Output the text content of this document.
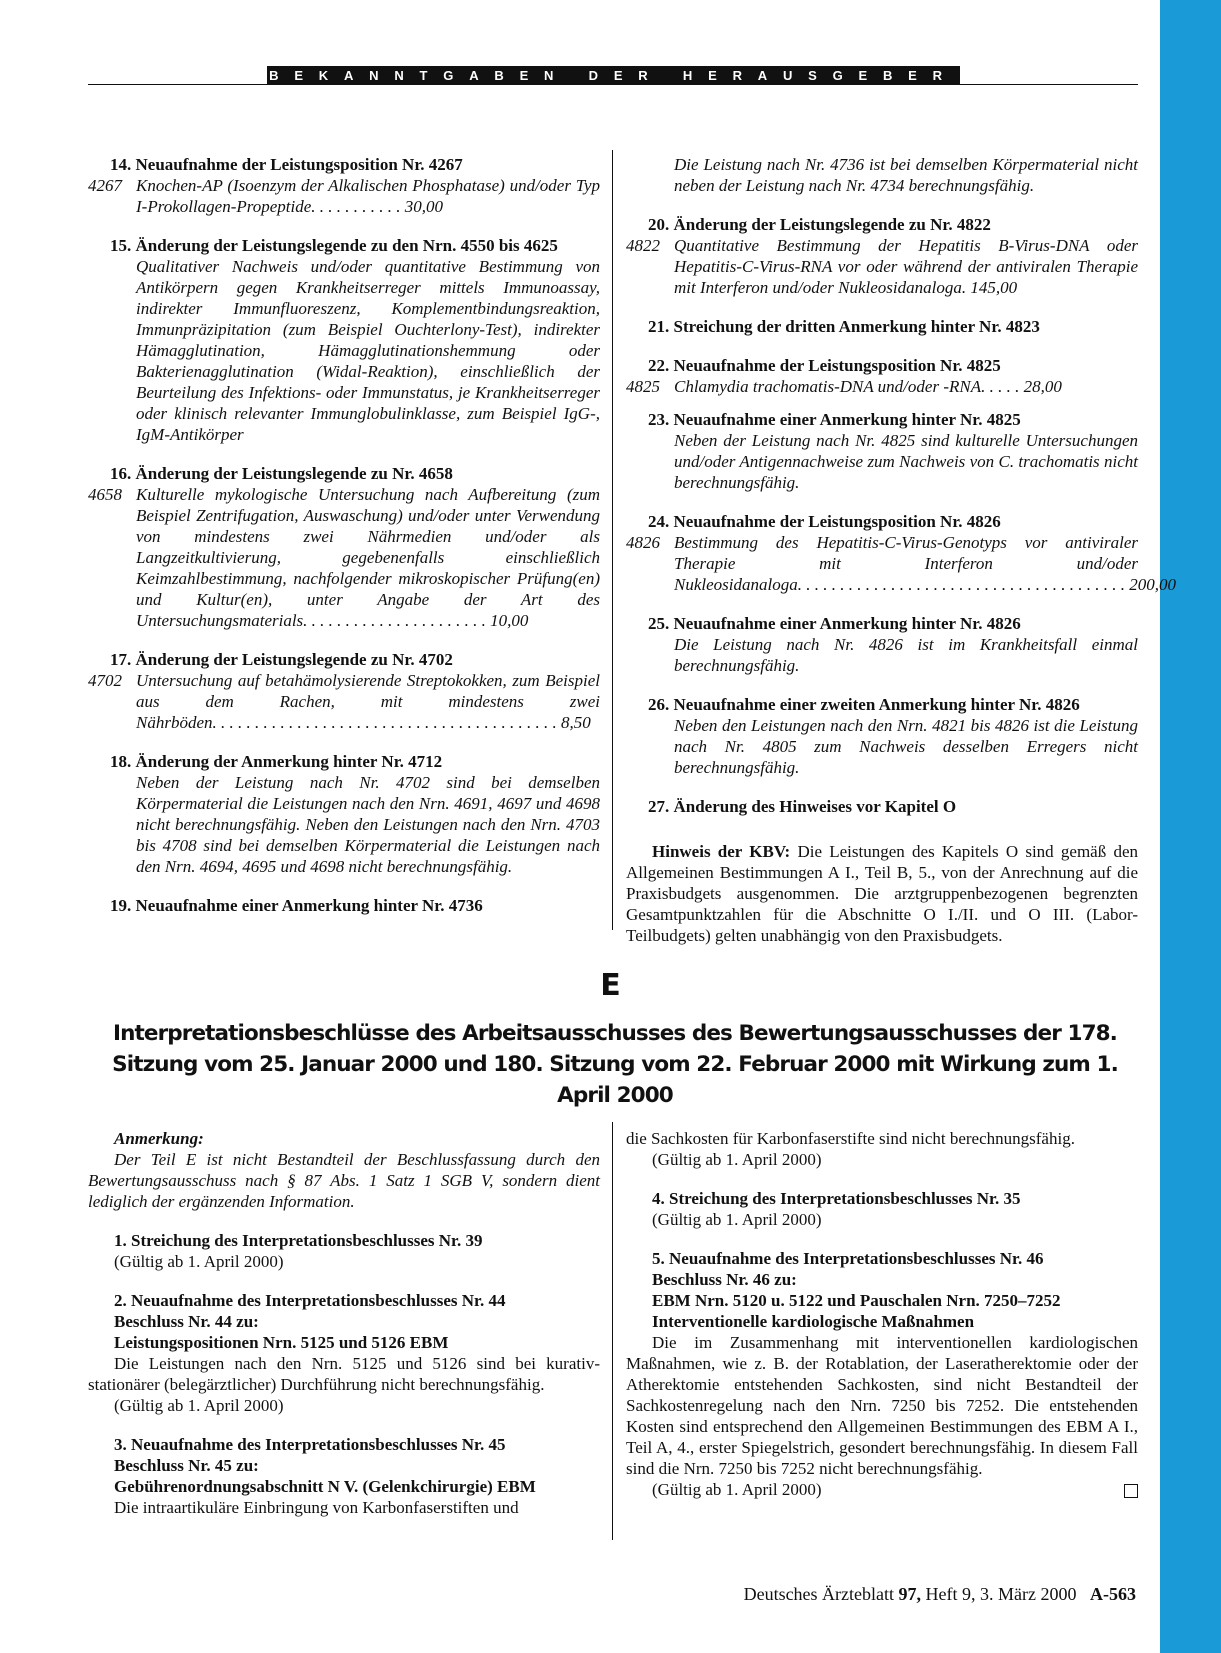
BEKANNTGABEN DER HERAUSGEBER

14. Neuaufnahme der Leistungsposition Nr. 4267

4267 Knochen-AP (Isoenzym der Alkalischen Phosphatase) und/oder Typ I-Prokollagen-Propeptide. . . . . . . . . . . 30,00

15. Änderung der Leistungslegende zu den Nrn. 4550 bis 4625

Qualitativer Nachweis und/oder quantitative Bestimmung von Antikörpern gegen Krankheitserreger mittels Immunoassay, indirekter Immunfluoreszenz, Komplementbindungsreaktion, Immunpräzipitation (zum Beispiel Ouchterlony-Test), indirekter Hämagglutination, Hämagglutinationshemmung oder Bakterienagglutination (Widal-Reaktion), einschließlich der Beurteilung des Infektions- oder Immunstatus, je Krankheitserreger oder klinisch relevanter Immunglobulinklasse, zum Beispiel IgG-, IgM-Antikörper

16. Änderung der Leistungslegende zu Nr. 4658

4658 Kulturelle mykologische Untersuchung nach Aufbereitung (zum Beispiel Zentrifugation, Auswaschung) und/oder unter Verwendung von mindestens zwei Nährmedien und/oder als Langzeitkultivierung, gegebenenfalls einschließlich Keimzahlbestimmung, nachfolgender mikroskopischer Prüfung(en) und Kultur(en), unter Angabe der Art des Untersuchungsmaterials. . . . . . . . . . . . . . . . . . . . . . 10,00

17. Änderung der Leistungslegende zu Nr. 4702

4702 Untersuchung auf betahämolysierende Streptokokken, zum Beispiel aus dem Rachen, mit mindestens zwei Nährböden. . . . . . . . . . . . . . . . . . . . . . . . . . . . . . . . . . . . . . . . . 8,50

18. Änderung der Anmerkung hinter Nr. 4712

Neben der Leistung nach Nr. 4702 sind bei demselben Körpermaterial die Leistungen nach den Nrn. 4691, 4697 und 4698 nicht berechnungsfähig. Neben den Leistungen nach den Nrn. 4703 bis 4708 sind bei demselben Körpermaterial die Leistungen nach den Nrn. 4694, 4695 und 4698 nicht berechnungsfähig.

19. Neuaufnahme einer Anmerkung hinter Nr. 4736

Die Leistung nach Nr. 4736 ist bei demselben Körpermaterial nicht neben der Leistung nach Nr. 4734 berechnungsfähig.

20. Änderung der Leistungslegende zu Nr. 4822

4822 Quantitative Bestimmung der Hepatitis B-Virus-DNA oder Hepatitis-C-Virus-RNA vor oder während der antiviralen Therapie mit Interferon und/oder Nukleosidanaloga. 145,00

21. Streichung der dritten Anmerkung hinter Nr. 4823

22. Neuaufnahme der Leistungsposition Nr. 4825

4825 Chlamydia trachomatis-DNA und/oder -RNA. . . . . 28,00

23. Neuaufnahme einer Anmerkung hinter Nr. 4825

Neben der Leistung nach Nr. 4825 sind kulturelle Untersuchungen und/oder Antigennachweise zum Nachweis von C. trachomatis nicht berechnungsfähig.

24. Neuaufnahme der Leistungsposition Nr. 4826

4826 Bestimmung des Hepatitis-C-Virus-Genotyps vor antiviraler Therapie mit Interferon und/oder Nukleosidanaloga. . . . . . . . . . . . . . . . . . . . . . . . . . . . . . . . . . . . . . . 200,00

25. Neuaufnahme einer Anmerkung hinter Nr. 4826

Die Leistung nach Nr. 4826 ist im Krankheitsfall einmal berechnungsfähig.

26. Neuaufnahme einer zweiten Anmerkung hinter Nr. 4826

Neben den Leistungen nach den Nrn. 4821 bis 4826 ist die Leistung nach Nr. 4805 zum Nachweis desselben Erregers nicht berechnungsfähig.

27. Änderung des Hinweises vor Kapitel O

Hinweis der KBV: Die Leistungen des Kapitels O sind gemäß den Allgemeinen Bestimmungen A I., Teil B, 5., von der Anrechnung auf die Praxisbudgets ausgenommen. Die arztgruppenbezogenen begrenzten Gesamtpunktzahlen für die Abschnitte O I./II. und O III. (Labor-Teilbudgets) gelten unabhängig von den Praxisbudgets.

E
Interpretationsbeschlüsse des Arbeitsausschusses des Bewertungsausschusses der 178. Sitzung vom 25. Januar 2000 und 180. Sitzung vom 22. Februar 2000 mit Wirkung zum 1. April 2000

Anmerkung:

Der Teil E ist nicht Bestandteil der Beschlussfassung durch den Bewertungsausschuss nach § 87 Abs. 1 Satz 1 SGB V, sondern dient lediglich der ergänzenden Information.

1. Streichung des Interpretationsbeschlusses Nr. 39

(Gültig ab 1. April 2000)

2. Neuaufnahme des Interpretationsbeschlusses Nr. 44

Beschluss Nr. 44 zu:

Leistungspositionen Nrn. 5125 und 5126 EBM

Die Leistungen nach den Nrn. 5125 und 5126 sind bei kurativ-stationärer (belegärztlicher) Durchführung nicht berechnungsfähig.

(Gültig ab 1. April 2000)

3. Neuaufnahme des Interpretationsbeschlusses Nr. 45

Beschluss Nr. 45 zu:

Gebührenordnungsabschnitt N V. (Gelenkchirurgie) EBM

Die intraartikuläre Einbringung von Karbonfaserstiften und

die Sachkosten für Karbonfaserstifte sind nicht berechnungsfähig.

(Gültig ab 1. April 2000)

4. Streichung des Interpretationsbeschlusses Nr. 35

(Gültig ab 1. April 2000)

5. Neuaufnahme des Interpretationsbeschlusses Nr. 46

Beschluss Nr. 46 zu:

EBM Nrn. 5120 u. 5122 und Pauschalen Nrn. 7250–7252

Interventionelle kardiologische Maßnahmen

Die im Zusammenhang mit interventionellen kardiologischen Maßnahmen, wie z. B. der Rotablation, der Laseratherektomie oder der Atherektomie entstehenden Sachkosten, sind nicht Bestandteil der Sachkostenregelung nach den Nrn. 7250 bis 7252. Die entstehenden Kosten sind entsprechend den Allgemeinen Bestimmungen des EBM A I., Teil A, 4., erster Spiegelstrich, gesondert berechnungsfähig. In diesem Fall sind die Nrn. 7250 bis 7252 nicht berechnungsfähig.

(Gültig ab 1. April 2000)

Deutsches Ärzteblatt 97, Heft 9, 3. März 2000 A-563
